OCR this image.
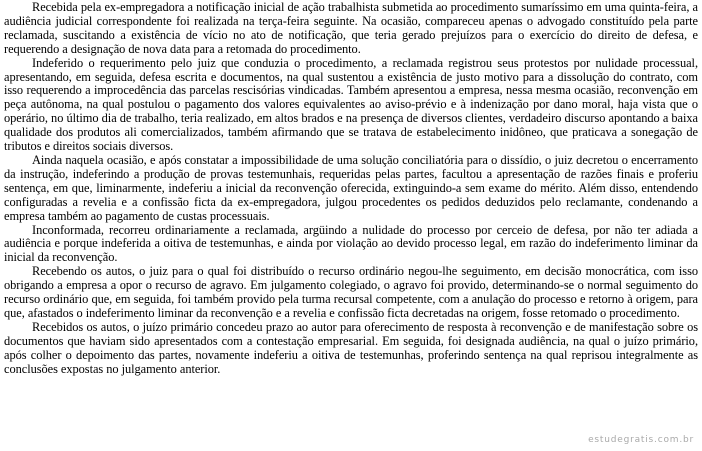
Recebida pela ex-empregadora a notificação inicial de ação trabalhista submetida ao procedimento sumaríssimo em uma quinta-feira, a audiência judicial correspondente foi realizada na terça-feira seguinte. Na ocasião, compareceu apenas o advogado constituído pela parte reclamada, suscitando a existência de vício no ato de notificação, que teria gerado prejuízos para o exercício do direito de defesa, e requerendo a designação de nova data para a retomada do procedimento.

Indeferido o requerimento pelo juiz que conduzia o procedimento, a reclamada registrou seus protestos por nulidade processual, apresentando, em seguida, defesa escrita e documentos, na qual sustentou a existência de justo motivo para a dissolução do contrato, com isso requerendo a improcedência das parcelas rescisórias vindicadas. Também apresentou a empresa, nessa mesma ocasião, reconvenção em peça autônoma, na qual postulou o pagamento dos valores equivalentes ao aviso-prévio e à indenização por dano moral, haja vista que o operário, no último dia de trabalho, teria realizado, em altos brados e na presença de diversos clientes, verdadeiro discurso apontando a baixa qualidade dos produtos ali comercializados, também afirmando que se tratava de estabelecimento inidôneo, que praticava a sonegação de tributos e direitos sociais diversos.

Ainda naquela ocasião, e após constatar a impossibilidade de uma solução conciliatória para o dissídio, o juiz decretou o encerramento da instrução, indeferindo a produção de provas testemunhais, requeridas pelas partes, facultou a apresentação de razões finais e proferiu sentença, em que, liminarmente, indeferiu a inicial da reconvenção oferecida, extinguindo-a sem exame do mérito. Além disso, entendendo configuradas a revelia e a confissão ficta da ex-empregadora, julgou procedentes os pedidos deduzidos pelo reclamante, condenando a empresa também ao pagamento de custas processuais.

Inconformada, recorreu ordinariamente a reclamada, argüindo a nulidade do processo por cerceio de defesa, por não ter adiada a audiência e porque indeferida a oitiva de testemunhas, e ainda por violação ao devido processo legal, em razão do indeferimento liminar da inicial da reconvenção.

Recebendo os autos, o juiz para o qual foi distribuído o recurso ordinário negou-lhe seguimento, em decisão monocrática, com isso obrigando a empresa a opor o recurso de agravo. Em julgamento colegiado, o agravo foi provido, determinando-se o normal seguimento do recurso ordinário que, em seguida, foi também provido pela turma recursal competente, com a anulação do processo e retorno à origem, para que, afastados o indeferimento liminar da reconvenção e a revelia e confissão ficta decretadas na origem, fosse retomado o procedimento.

Recebidos os autos, o juízo primário concedeu prazo ao autor para oferecimento de resposta à reconvenção e de manifestação sobre os documentos que haviam sido apresentados com a contestação empresarial. Em seguida, foi designada audiência, na qual o juízo primário, após colher o depoimento das partes, novamente indeferiu a oitiva de testemunhas, proferindo sentença na qual reprisou integralmente as conclusões expostas no julgamento anterior.

estudegratis.com.br
